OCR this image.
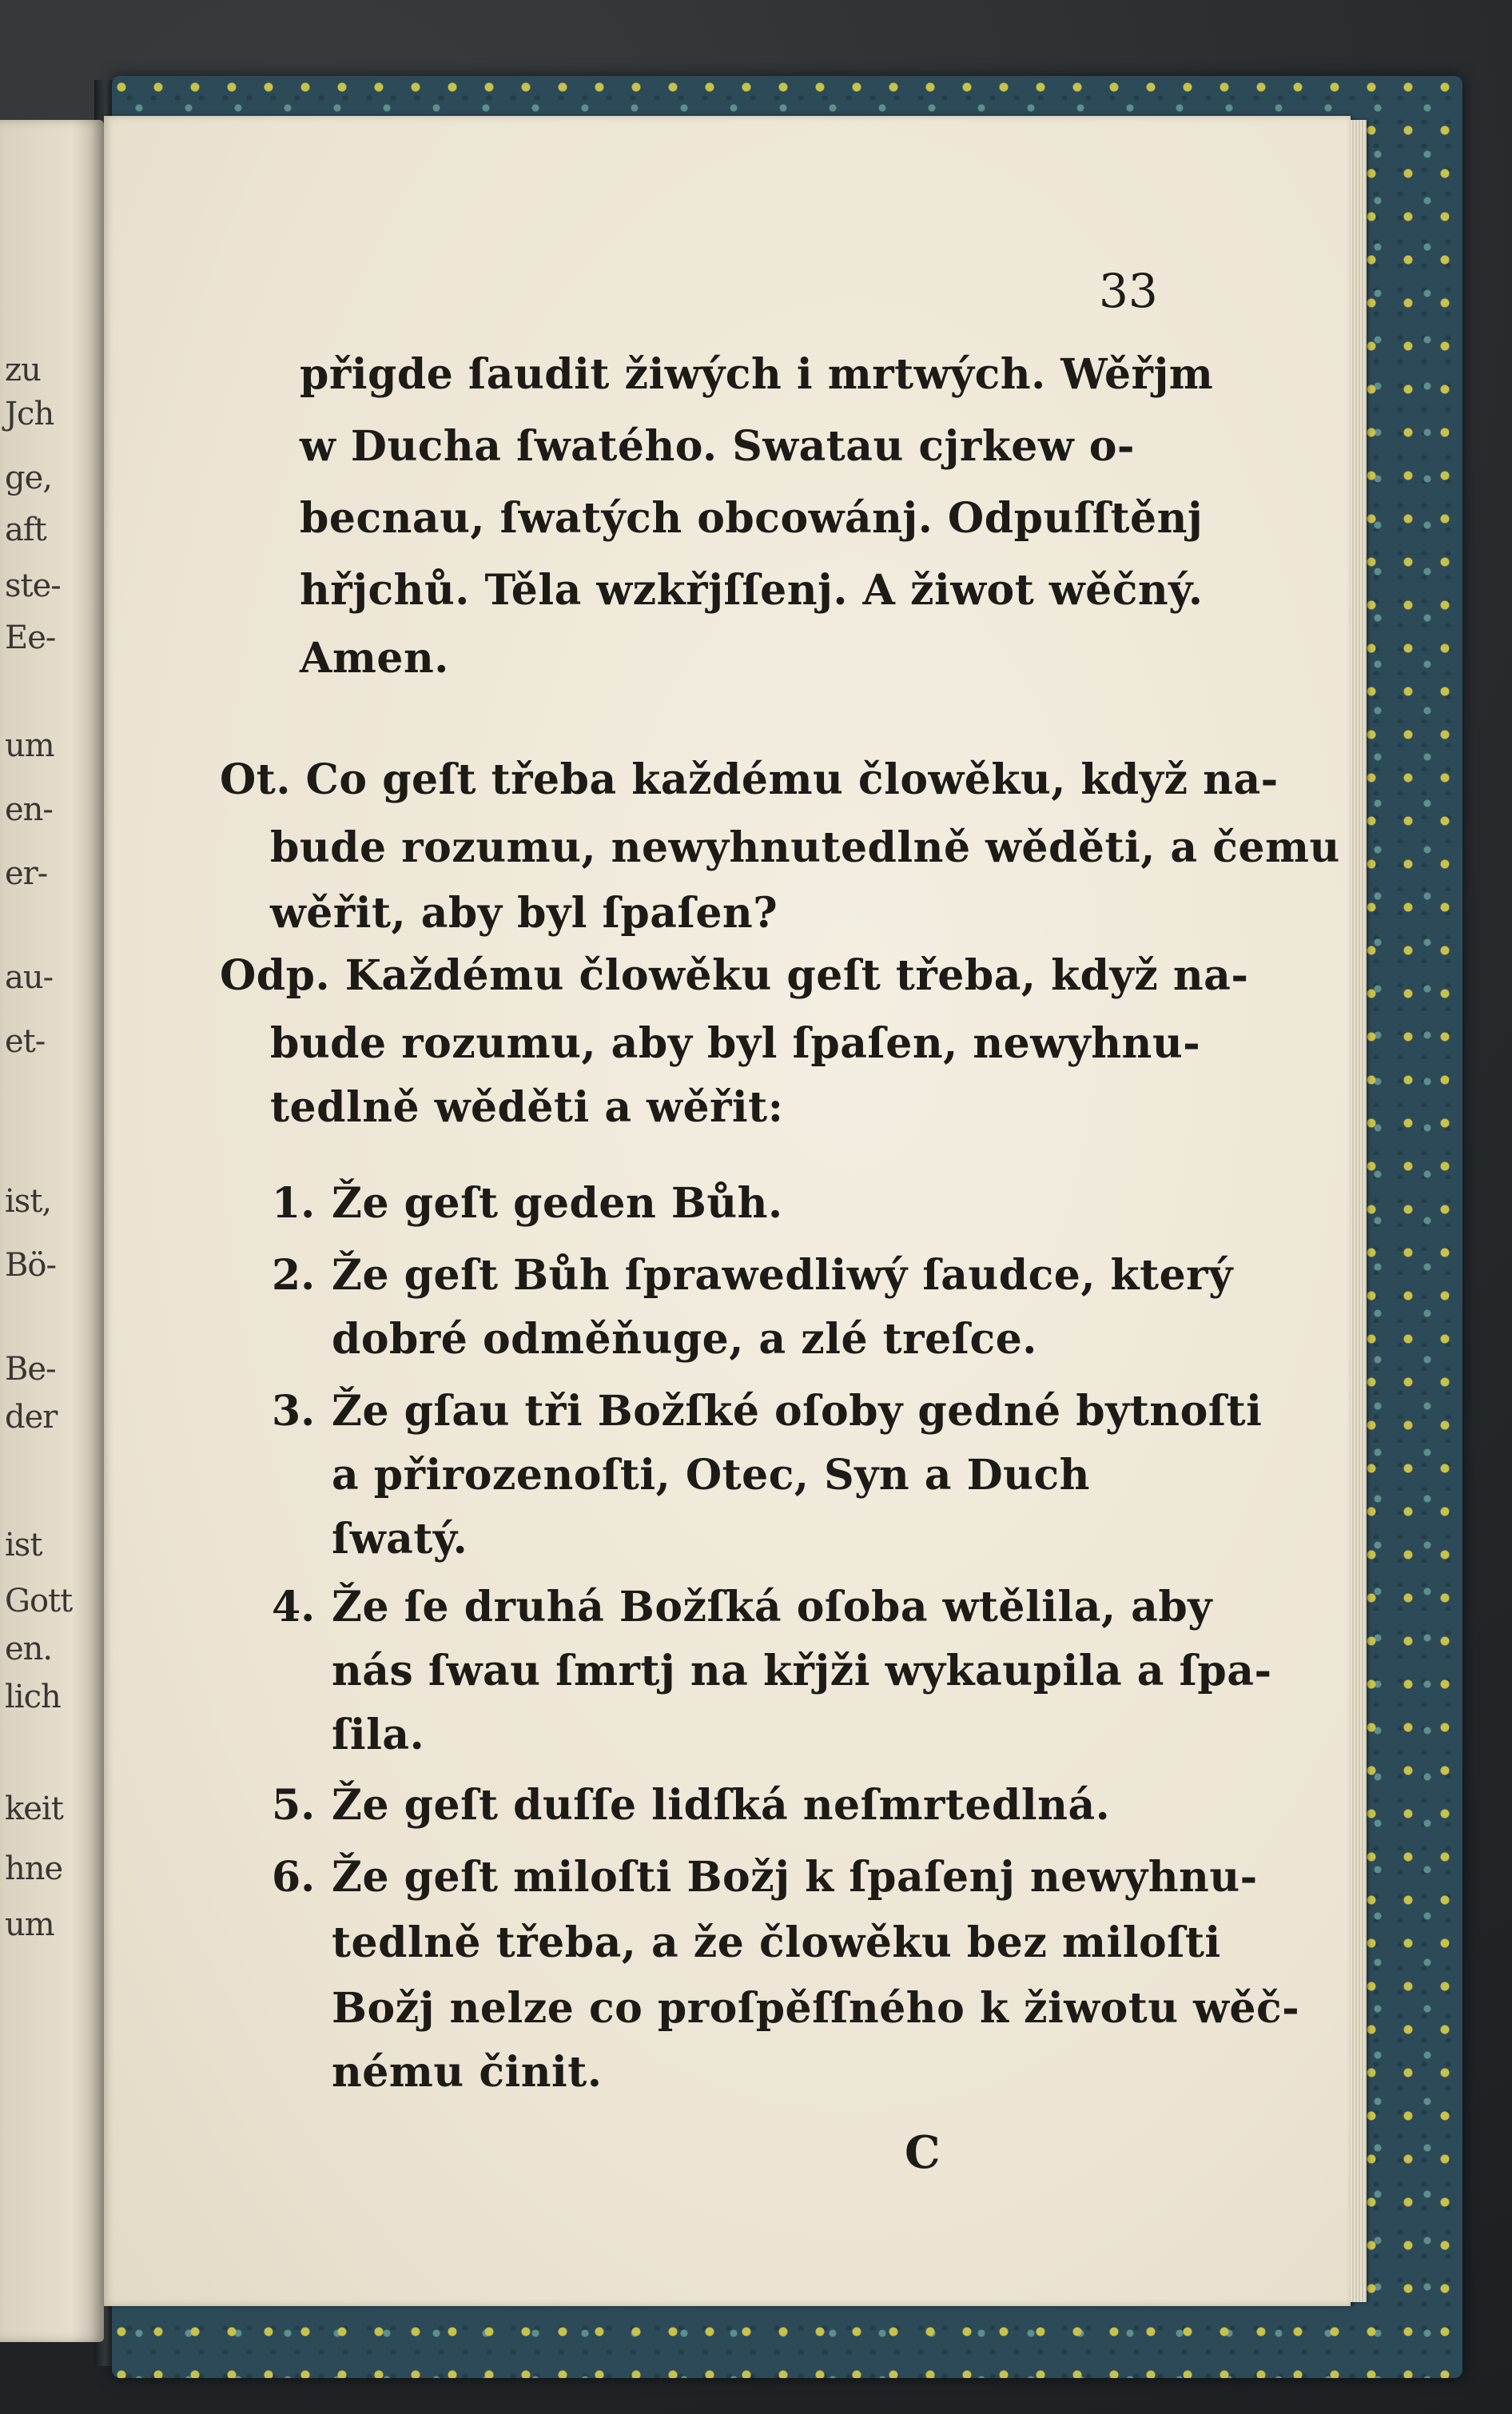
zu
Jch
ge,
aft
ste-
Ee-
um
en-
er-
au-
et-
ist,
Bö-
Be-
der
ist
Gott
en.
lich
keit
hne
um
33
přigde ſaudit žiwých i mrtwých. Wěřjm
w Ducha ſwatého. Swatau cjrkew o-
becnau, ſwatých obcowánj. Odpuſſtěnj
hřjchů. Těla wzkřjſſenj. A žiwot wěčný.
Amen.
Ot. Co geſt třeba každému člowěku, když na-
bude rozumu, newyhnutedlně wěděti, a čemu
wěřit, aby byl ſpaſen?
Odp. Každému člowěku geſt třeba, když na-
bude rozumu, aby byl ſpaſen, newyhnu-
tedlně wěděti a wěřit:
1. Že geſt geden Bůh.
2. Že geſt Bůh ſprawedliwý ſaudce, který
dobré odměňuge, a zlé treſce.
3. Že gſau tři Božſké oſoby gedné bytnoſti
a přirozenoſti, Otec, Syn a Duch
ſwatý.
4. Že ſe druhá Božſká oſoba wtělila, aby
nás ſwau ſmrtj na křjži wykaupila a ſpa-
ſila.
5. Že geſt duſſe lidſká neſmrtedlná.
6. Že geſt miloſti Božj k ſpaſenj newyhnu-
tedlně třeba, a že člowěku bez miloſti
Božj nelze co proſpěſſného k žiwotu wěč-
nému činit.
C
